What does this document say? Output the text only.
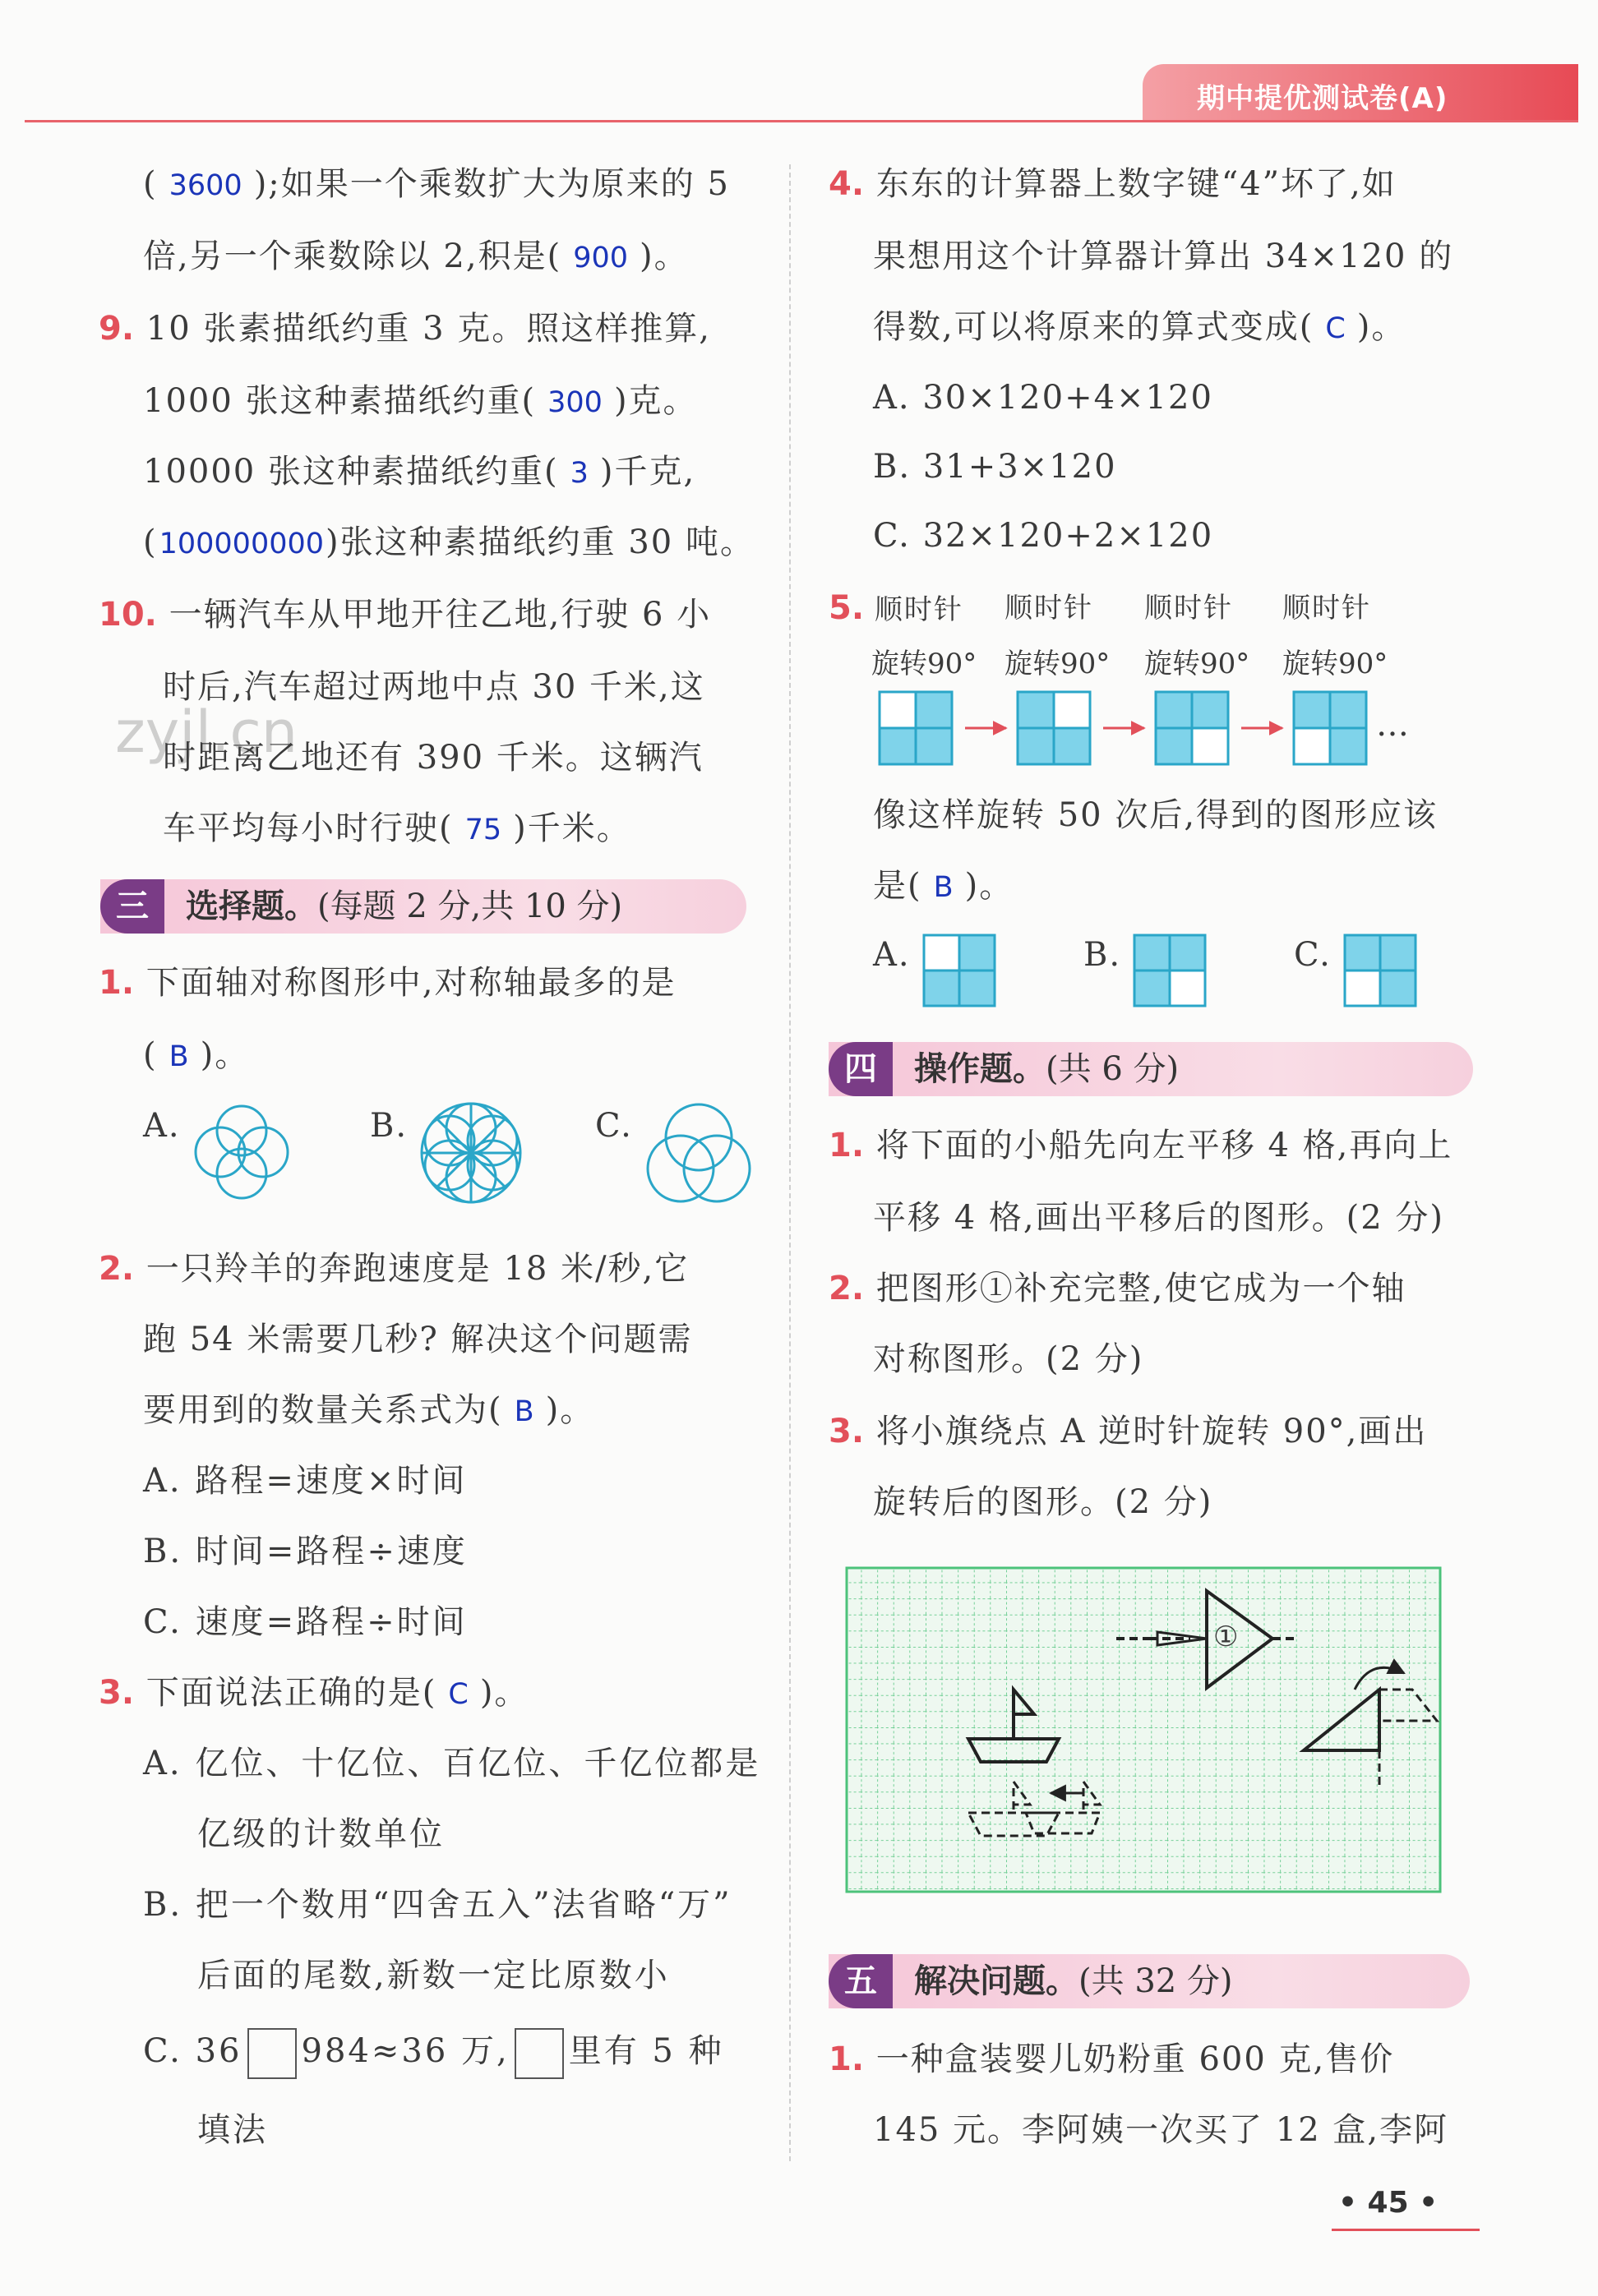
期中提优测试卷(A)
zyjl.cn
( 3600 );如果一个乘数扩大为原来的 5
倍,另一个乘数除以 2,积是( 900 )。
9. 10 张素描纸约重 3 克。照这样推算,
1000 张这种素描纸约重( 300 )克。
10000 张这种素描纸约重( 3 )千克,
(100000000)张这种素描纸约重 30 吨。
10. 一辆汽车从甲地开往乙地,行驶 6 小
时后,汽车超过两地中点 30 千米,这
时距离乙地还有 390 千米。这辆汽
车平均每小时行驶( 75 )千米。
三	选择题。(每题 2 分,共 10 分)
1. 下面轴对称图形中,对称轴最多的是
( B )。
A.	B.	C.
2. 一只羚羊的奔跑速度是 18 米/秒,它
跑 54 米需要几秒? 解决这个问题需
要用到的数量关系式为( B )。
A. 路程=速度×时间
B. 时间=路程÷速度
C. 速度=路程÷时间
3. 下面说法正确的是( C )。
A. 亿位、十亿位、百亿位、千亿位都是
亿级的计数单位
B. 把一个数用“四舍五入”法省略“万”
后面的尾数,新数一定比原数小
C. 36 984≈36 万, 里有 5 种
填法
4. 东东的计算器上数字键“4”坏了,如
果想用这个计算器计算出 34×120 的
得数,可以将原来的算式变成( C )。
A. 30×120+4×120
B. 31+3×120
C. 32×120+2×120
5. 顺时针 顺时针 顺时针 顺时针
旋转90° 旋转90° 旋转90° 旋转90°
…
像这样旋转 50 次后,得到的图形应该
是( B )。
A.	B.	C.
四	操作题。(共 6 分)
1. 将下面的小船先向左平移 4 格,再向上
平移 4 格,画出平移后的图形。(2 分)
2. 把图形①补充完整,使它成为一个轴
对称图形。(2 分)
3. 将小旗绕点 A 逆时针旋转 90°,画出
旋转后的图形。(2 分)
①
五	解决问题。(共 32 分)
1. 一种盒装婴儿奶粉重 600 克,售价
145 元。李阿姨一次买了 12 盒,李阿
• 45 •
